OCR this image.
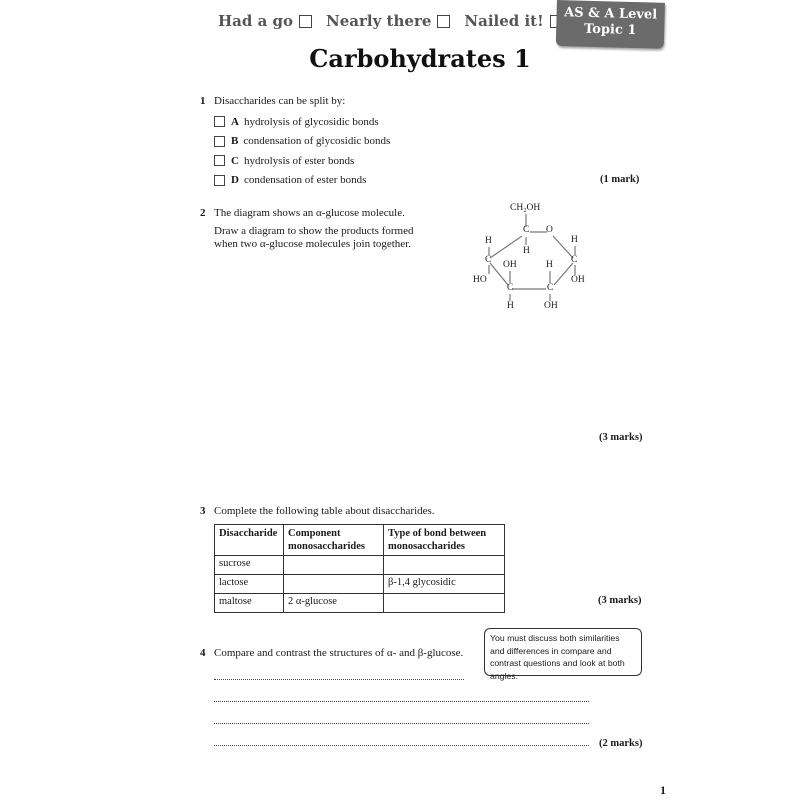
Had a go Nearly there Nailed it!	AS & A Level
Topic 1
Carbohydrates 1
1 Disaccharides can be split by:
A hydrolysis of glycosidic bonds
B condensation of glycosidic bonds
C hydrolysis of ester bonds
D condensation of ester bonds	(1 mark)
2 The diagram shows an α-glucose molecule.
Draw a diagram to show the products formed when two α-glucose molecules join together.
CH₂OH
C O
H
H
H
C	C
HO
OH	H
OH
C	C
H	OH
(3 marks)
3 Complete the following table about disaccharides.
Disaccharide	Component monosaccharides	Type of bond between monosaccharides
sucrose		
lactose		β-1,4 glycosidic
maltose	2 α-glucose		(3 marks)
You must discuss both similarities and differences in compare and contrast questions and look at both angles.
4 Compare and contrast the structures of α- and β-glucose.
(2 marks)
1
